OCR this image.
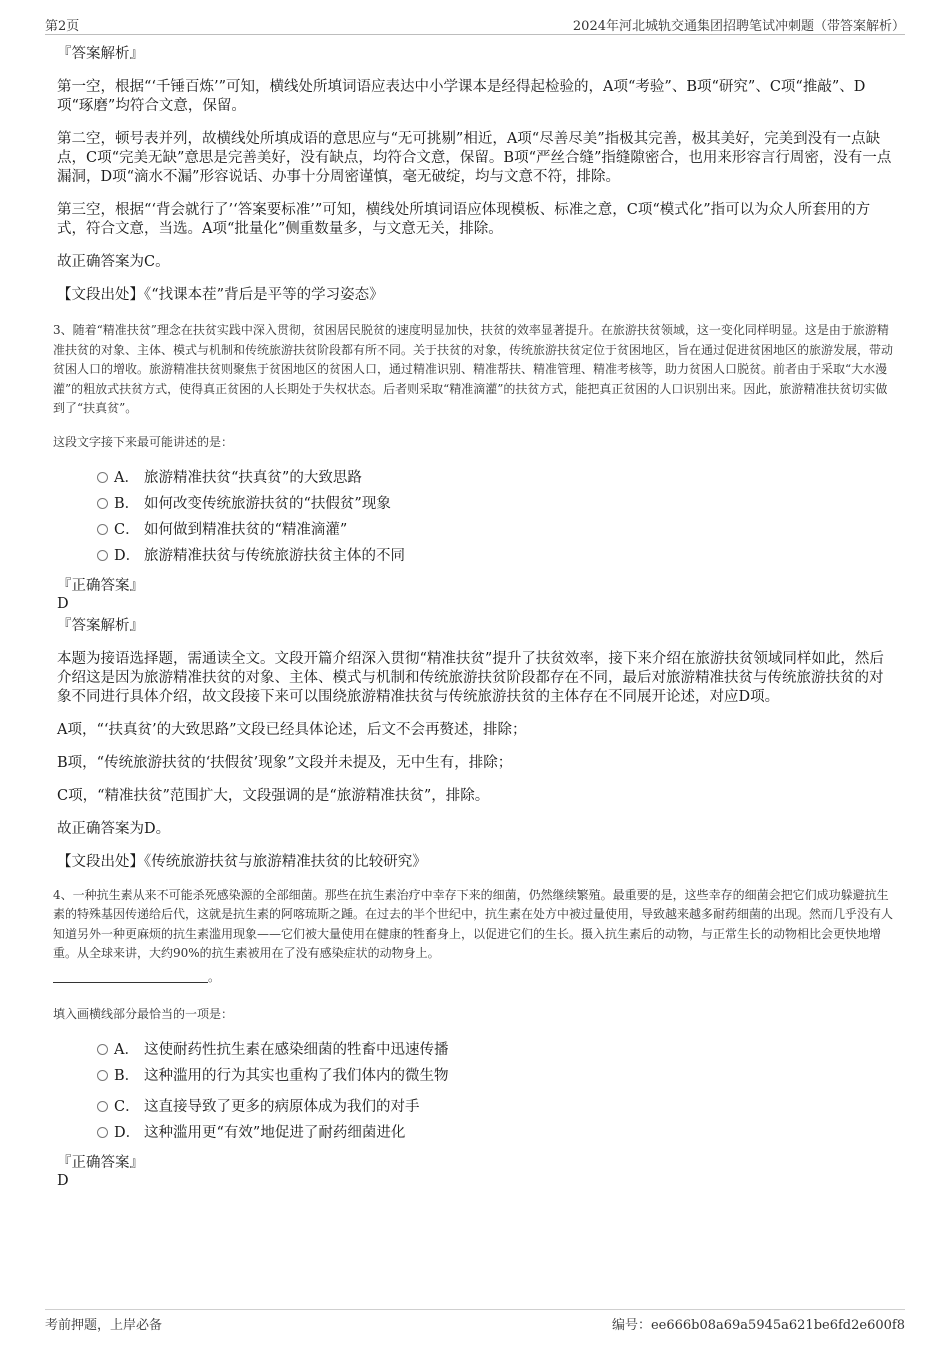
第2页	2024年河北城轨交通集团招聘笔试冲刺题（带答案解析）
『答案解析』
第一空，根据“‘千锤百炼’”可知，横线处所填词语应表达中小学课本是经得起检验的，A项“考验”、B项“研究”、C项“推敲”、D项“琢磨”均符合文意，保留。
第二空，顿号表并列，故横线处所填成语的意思应与“无可挑剔”相近，A项“尽善尽美”指极其完善，极其美好，完美到没有一点缺点，C项“完美无缺”意思是完善美好，没有缺点，均符合文意，保留。B项“严丝合缝”指缝隙密合，也用来形容言行周密，没有一点漏洞，D项“滴水不漏”形容说话、办事十分周密谨慎，毫无破绽，均与文意不符，排除。
第三空，根据“‘背会就行了’‘答案要标准’”可知，横线处所填词语应体现模板、标准之意，C项“模式化”指可以为众人所套用的方式，符合文意，当选。A项“批量化”侧重数量多，与文意无关，排除。
故正确答案为C。
【文段出处】《“找课本茬”背后是平等的学习姿态》
3、随着“精准扶贫”理念在扶贫实践中深入贯彻，贫困居民脱贫的速度明显加快，扶贫的效率显著提升。在旅游扶贫领域，这一变化同样明显。这是由于旅游精准扶贫的对象、主体、模式与机制和传统旅游扶贫阶段都有所不同。关于扶贫的对象，传统旅游扶贫定位于贫困地区，旨在通过促进贫困地区的旅游发展，带动贫困人口的增收。旅游精准扶贫则聚焦于贫困地区的贫困人口，通过精准识别、精准帮扶、精准管理、精准考核等，助力贫困人口脱贫。前者由于采取“大水漫灌”的粗放式扶贫方式，使得真正贫困的人长期处于失权状态。后者则采取“精准滴灌”的扶贫方式，能把真正贫困的人口识别出来。因此，旅游精准扶贫切实做到了“扶真贫”。
这段文字接下来最可能讲述的是：
A． 旅游精准扶贫“扶真贫”的大致思路
B． 如何改变传统旅游扶贫的“扶假贫”现象
C． 如何做到精准扶贫的“精准滴灌”
D． 旅游精准扶贫与传统旅游扶贫主体的不同
『正确答案』
D
『答案解析』
本题为接语选择题，需通读全文。文段开篇介绍深入贯彻“精准扶贫”提升了扶贫效率，接下来介绍在旅游扶贫领域同样如此，然后介绍这是因为旅游精准扶贫的对象、主体、模式与机制和传统旅游扶贫阶段都存在不同，最后对旅游精准扶贫与传统旅游扶贫的对象不同进行具体介绍，故文段接下来可以围绕旅游精准扶贫与传统旅游扶贫的主体存在不同展开论述，对应D项。
A项，“‘扶真贫’的大致思路”文段已经具体论述，后文不会再赘述，排除；
B项，“传统旅游扶贫的‘扶假贫’现象”文段并未提及，无中生有，排除；
C项，“精准扶贫”范围扩大，文段强调的是“旅游精准扶贫”，排除。
故正确答案为D。
【文段出处】《传统旅游扶贫与旅游精准扶贫的比较研究》
4、一种抗生素从来不可能杀死感染源的全部细菌。那些在抗生素治疗中幸存下来的细菌，仍然继续繁殖。最重要的是，这些幸存的细菌会把它们成功躲避抗生素的特殊基因传递给后代，这就是抗生素的阿喀琉斯之踵。在过去的半个世纪中，抗生素在处方中被过量使用，导致越来越多耐药细菌的出现。然而几乎没有人知道另外一种更麻烦的抗生素滥用现象——它们被大量使用在健康的牲畜身上，以促进它们的生长。摄入抗生素后的动物，与正常生长的动物相比会更快地增重。从全球来讲，大约90%的抗生素被用在了没有感染症状的动物身上。
。
填入画横线部分最恰当的一项是：
A． 这使耐药性抗生素在感染细菌的牲畜中迅速传播
B． 这种滥用的行为其实也重构了我们体内的微生物
C． 这直接导致了更多的病原体成为我们的对手
D． 这种滥用更“有效”地促进了耐药细菌进化
『正确答案』
D
考前押题，上岸必备	编号：ee666b08a69a5945a621be6fd2e600f8
